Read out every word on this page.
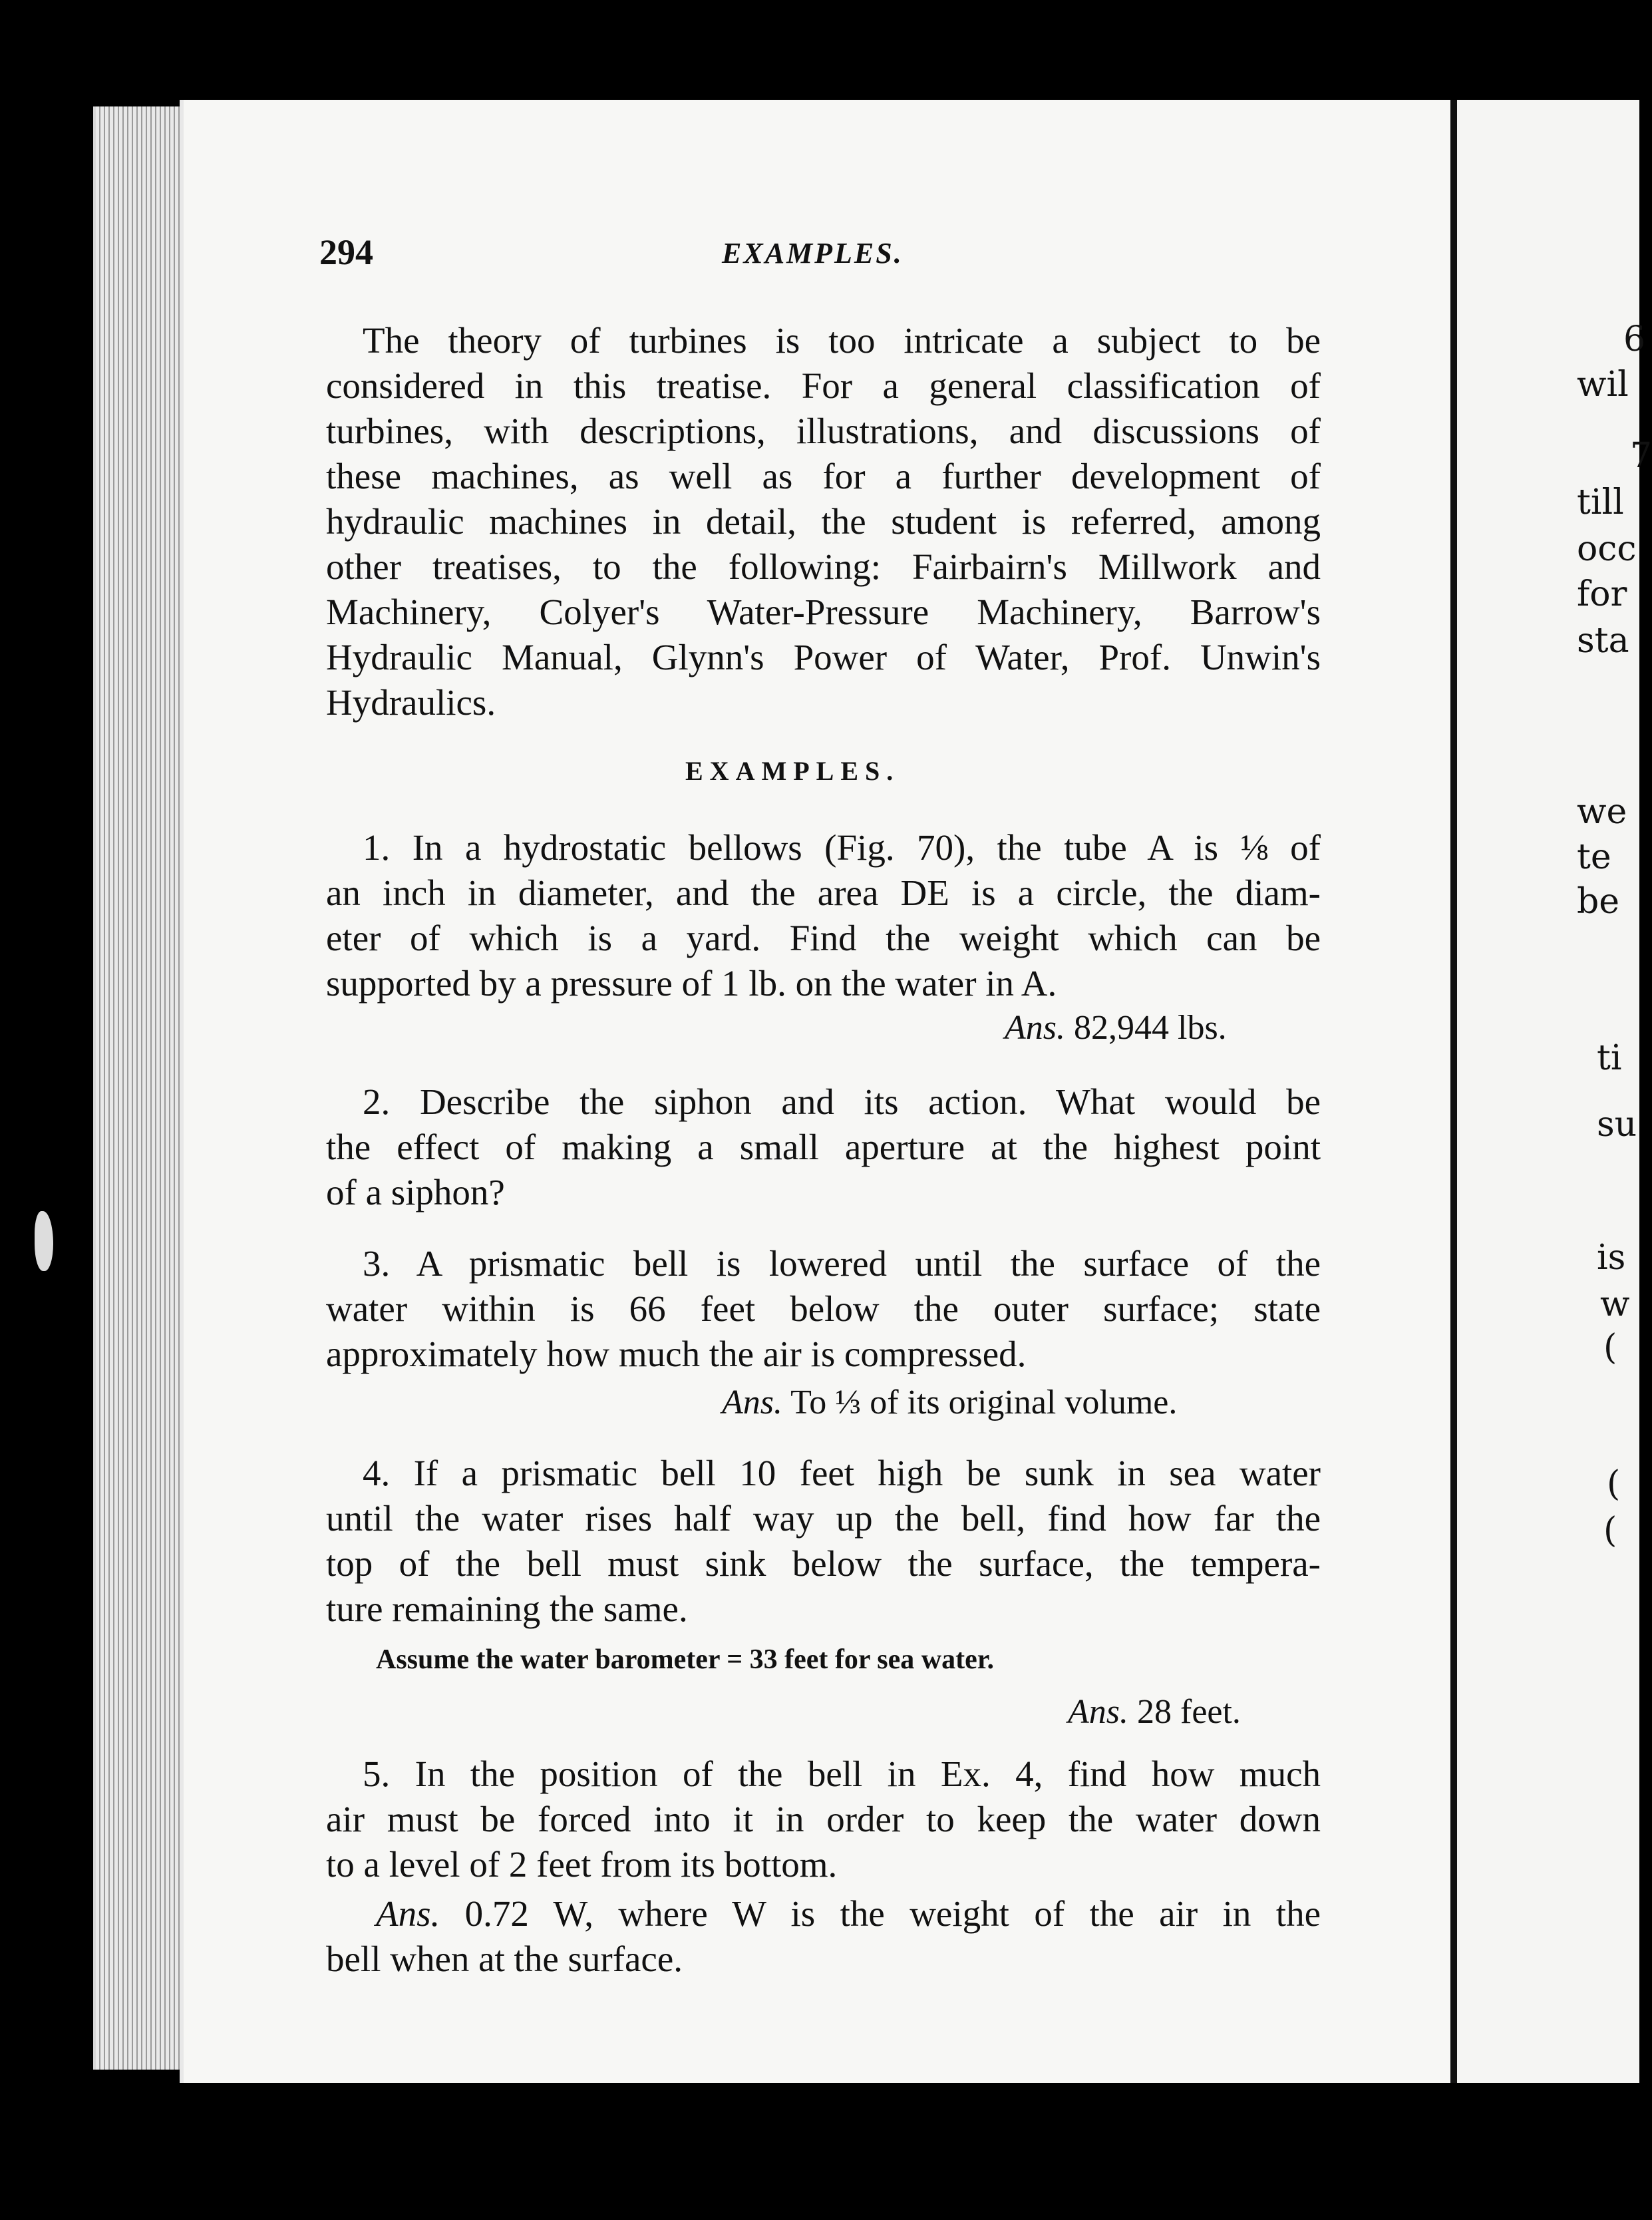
6
wil
7
till
occ
for
sta
we
te
be
ti
su
is
w
(
(
(
294	EXAMPLES.
The theory of turbines is too intricate a subject to be
considered in this treatise. For a general classification of
turbines, with descriptions, illustrations, and discussions of
these machines, as well as for a further development of
hydraulic machines in detail, the student is referred, among
other treatises, to the following: Fairbairn's Millwork and
Machinery, Colyer's Water-Pressure Machinery, Barrow's
Hydraulic Manual, Glynn's Power of Water, Prof. Unwin's
Hydraulics.
EXAMPLES.
1. In a hydrostatic bellows (Fig. 70), the tube A is ⅛ of
an inch in diameter, and the area DE is a circle, the diam-
eter of which is a yard. Find the weight which can be
supported by a pressure of 1 lb. on the water in A.
Ans. 82,944 lbs.
2. Describe the siphon and its action. What would be
the effect of making a small aperture at the highest point
of a siphon?
3. A prismatic bell is lowered until the surface of the
water within is 66 feet below the outer surface; state
approximately how much the air is compressed.
Ans. To ⅓ of its original volume.
4. If a prismatic bell 10 feet high be sunk in sea water
until the water rises half way up the bell, find how far the
top of the bell must sink below the surface, the tempera-
ture remaining the same.
Assume the water barometer = 33 feet for sea water.
Ans. 28 feet.
5. In the position of the bell in Ex. 4, find how much
air must be forced into it in order to keep the water down
to a level of 2 feet from its bottom.
Ans. 0.72 W, where W is the weight of the air in the
bell when at the surface.
